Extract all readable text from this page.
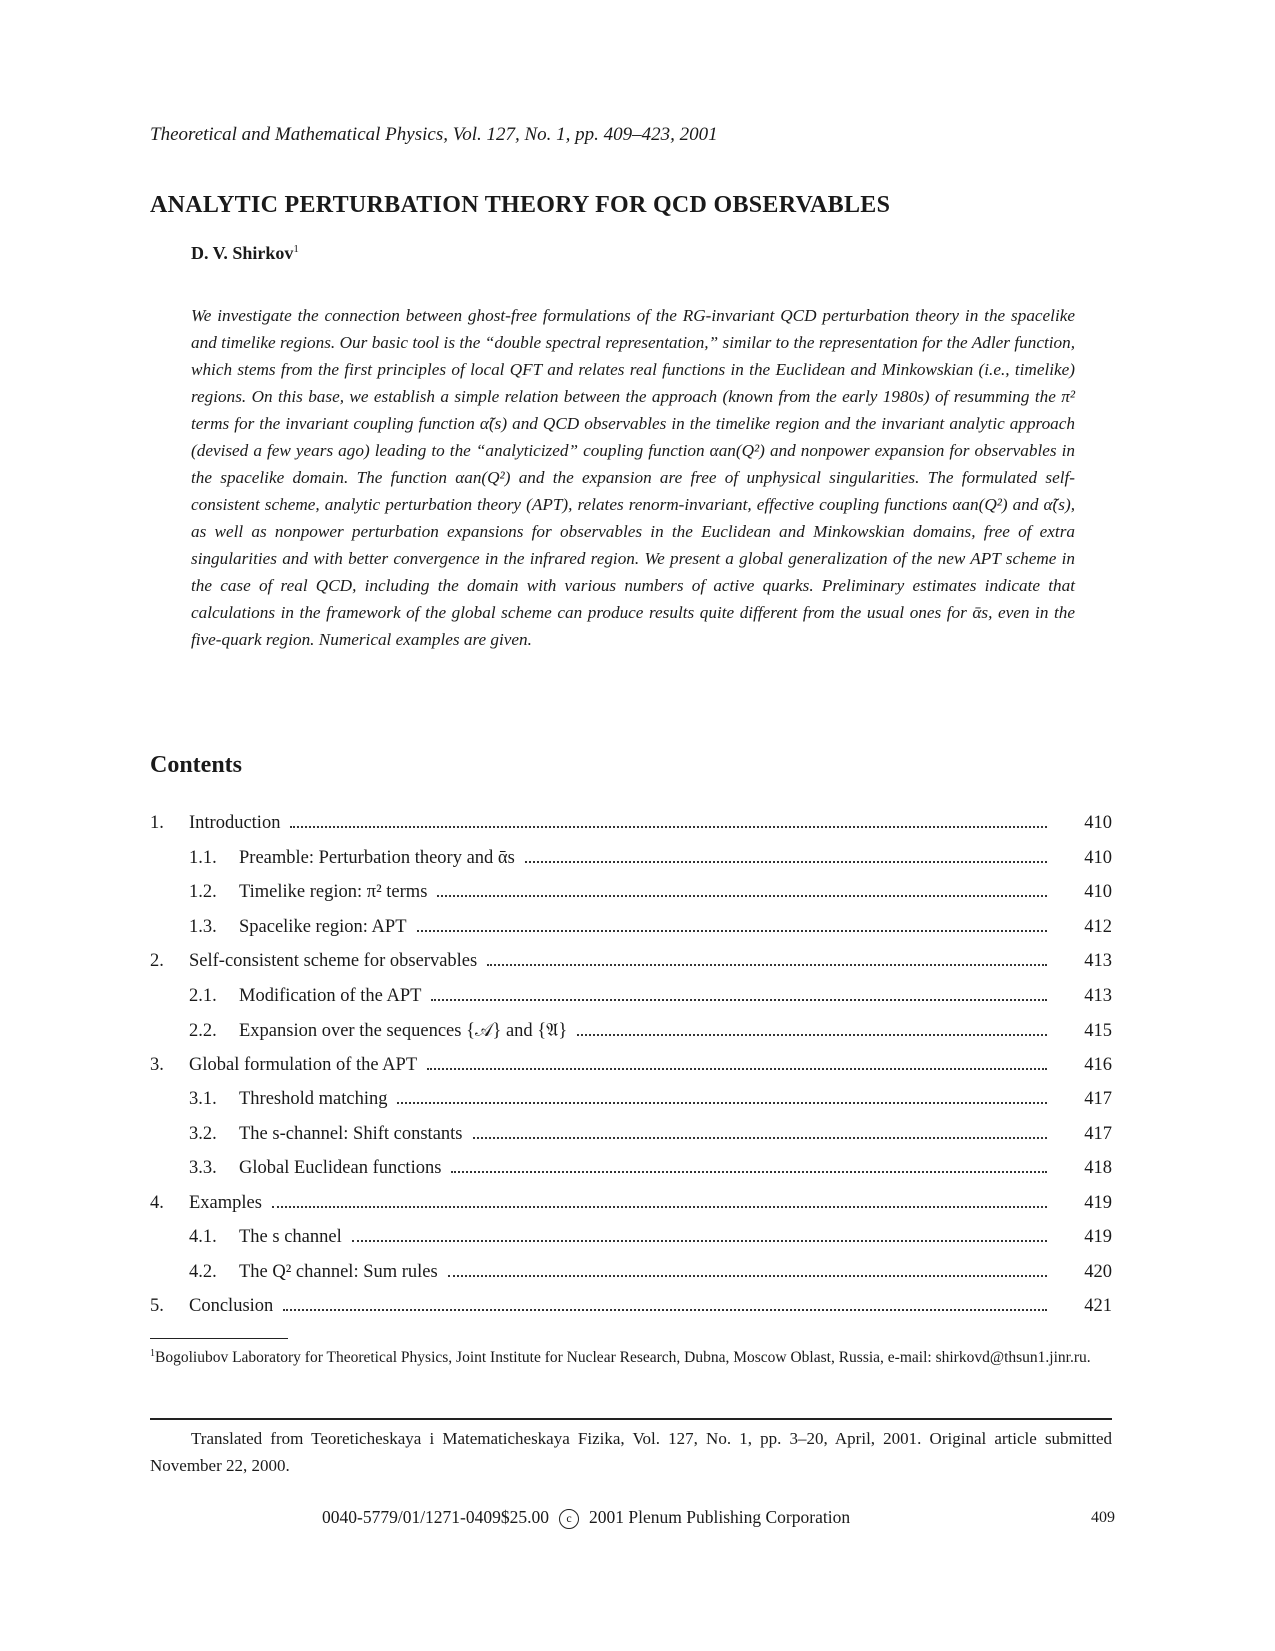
Theoretical and Mathematical Physics, Vol. 127, No. 1, pp. 409–423, 2001
ANALYTIC PERTURBATION THEORY FOR QCD OBSERVABLES
D. V. Shirkov$^1$

We investigate the connection between ghost-free formulations of the RG-invariant QCD perturbation theory in the spacelike and timelike regions. Our basic tool is the “double spectral representation,” similar to the representation for the Adler function, which stems from the first principles of local QFT and relates real functions in the Euclidean and Minkowskian (i.e., timelike) regions. On this base, we establish a simple relation between the approach (known from the early 1980s) of resumming the π² terms for the invariant coupling function α̃(s) and QCD observables in the timelike region and the invariant analytic approach (devised a few years ago) leading to the “analyticized” coupling function αan(Q²) and nonpower expansion for observables in the spacelike domain. The function αan(Q²) and the expansion are free of unphysical singularities. The formulated self-consistent scheme, analytic perturbation theory (APT), relates renorm-invariant, effective coupling functions αan(Q²) and α̃(s), as well as nonpower perturbation expansions for observables in the Euclidean and Minkowskian domains, free of extra singularities and with better convergence in the infrared region. We present a global generalization of the new APT scheme in the case of real QCD, including the domain with various numbers of active quarks. Preliminary estimates indicate that calculations in the framework of the global scheme can produce results quite different from the usual ones for ᾱs, even in the five-quark region. Numerical examples are given.

Contents
1.	Introduction	410
1.1.	Preamble: Perturbation theory and ᾱs	410
1.2.	Timelike region: π² terms	410
1.3.	Spacelike region: APT	412
2.	Self-consistent scheme for observables	413
2.1.	Modification of the APT	413
2.2.	Expansion over the sequences {𝒜} and {𝔄}	415
3.	Global formulation of the APT	416
3.1.	Threshold matching	417
3.2.	The s-channel: Shift constants	417
3.3.	Global Euclidean functions	418
4.	Examples	419
4.1.	The s channel	419
4.2.	The Q² channel: Sum rules	420
5.	Conclusion	421
$^1$Bogoliubov Laboratory for Theoretical Physics, Joint Institute for Nuclear Research, Dubna, Moscow Oblast, Russia, e-mail: shirkovd@thsun1.jinr.ru.
Translated from Teoreticheskaya i Matematicheskaya Fizika, Vol. 127, No. 1, pp. 3–20, April, 2001. Original article submitted November 22, 2000.
0040-5779/01/1271-0409$25.00 c 2001 Plenum Publishing Corporation	409
